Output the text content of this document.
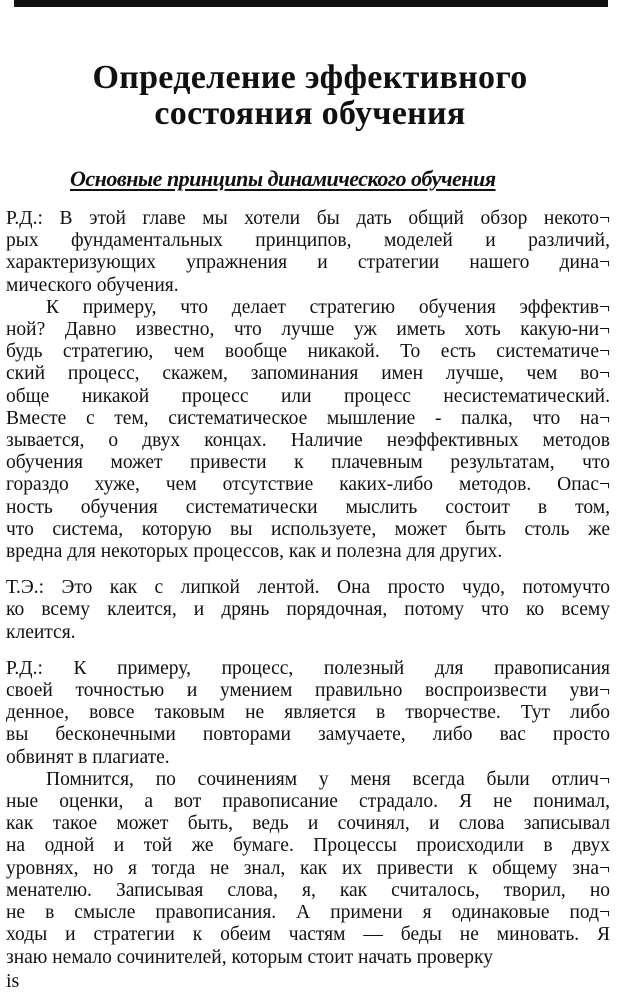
Определение эффективного
состояния обучения
Основные принципы динамического обучения
Р.Д.: В этой главе мы хотели бы дать общий обзор некото¬
рых фундаментальных принципов, моделей и различий,
характеризующих упражнения и стратегии нашего дина¬
мического обучения.
К примеру, что делает стратегию обучения эффектив¬
ной? Давно известно, что лучше уж иметь хоть какую-ни¬
будь стратегию, чем вообще никакой. То есть систематиче¬
ский процесс, скажем, запоминания имен лучше, чем во¬
обще никакой процесс или процесс несистематический.
Вместе с тем, систематическое мышление - палка, что на¬
зывается, о двух концах. Наличие неэффективных методов
обучения может привести к плачевным результатам, что
гораздо хуже, чем отсутствие каких-либо методов. Опас¬
ность обучения систематически мыслить состоит в том,
что система, которую вы используете, может быть столь же
вредна для некоторых процессов, как и полезна для других.
Т.Э.: Это как с липкой лентой. Она просто чудо, потомучто
ко всему клеится, и дрянь порядочная, потому что ко всему
клеится.
Р.Д.: К примеру, процесс, полезный для правописания
своей точностью и умением правильно воспроизвести уви¬
денное, вовсе таковым не является в творчестве. Тут либо
вы бесконечными повторами замучаете, либо вас просто
обвинят в плагиате.
Помнится, по сочинениям у меня всегда были отлич¬
ные оценки, а вот правописание страдало. Я не понимал,
как такое может быть, ведь и сочинял, и слова записывал
на одной и той же бумаге. Процессы происходили в двух
уровнях, но я тогда не знал, как их привести к общему зна¬
менателю. Записывая слова, я, как считалось, творил, но
не в смысле правописания. А примени я одинаковые под¬
ходы и стратегии к обеим частям — беды не миновать. Я
знаю немало сочинителей, которым стоит начать проверку
is
